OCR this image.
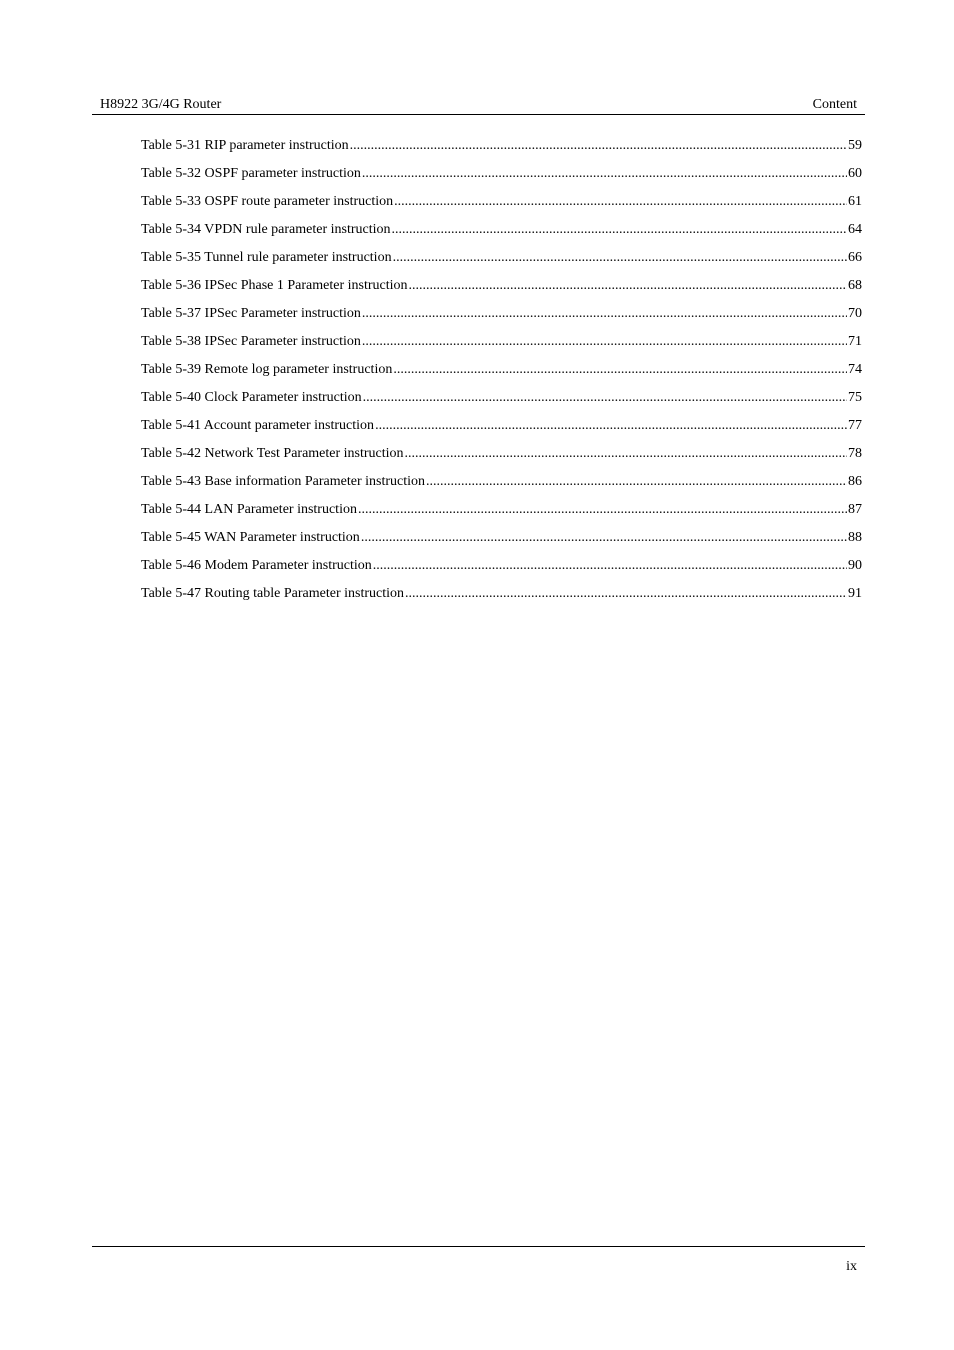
H8922 3G/4G Router	Content
Table 5-31 RIP parameter instruction .....	59
Table 5-32 OSPF parameter instruction .....	60
Table 5-33 OSPF route parameter instruction .....	61
Table 5-34 VPDN rule parameter instruction .....	64
Table 5-35 Tunnel rule parameter instruction .....	66
Table 5-36 IPSec Phase 1 Parameter instruction .....	68
Table 5-37 IPSec Parameter instruction .....	70
Table 5-38 IPSec Parameter instruction .....	71
Table 5-39 Remote log parameter instruction .....	74
Table 5-40 Clock Parameter instruction .....	75
Table 5-41 Account parameter instruction .....	77
Table 5-42 Network Test Parameter instruction .....	78
Table 5-43 Base information Parameter instruction .....	86
Table 5-44 LAN Parameter instruction .....	87
Table 5-45 WAN Parameter instruction .....	88
Table 5-46 Modem Parameter instruction .....	90
Table 5-47 Routing table Parameter instruction .....	91
ix
